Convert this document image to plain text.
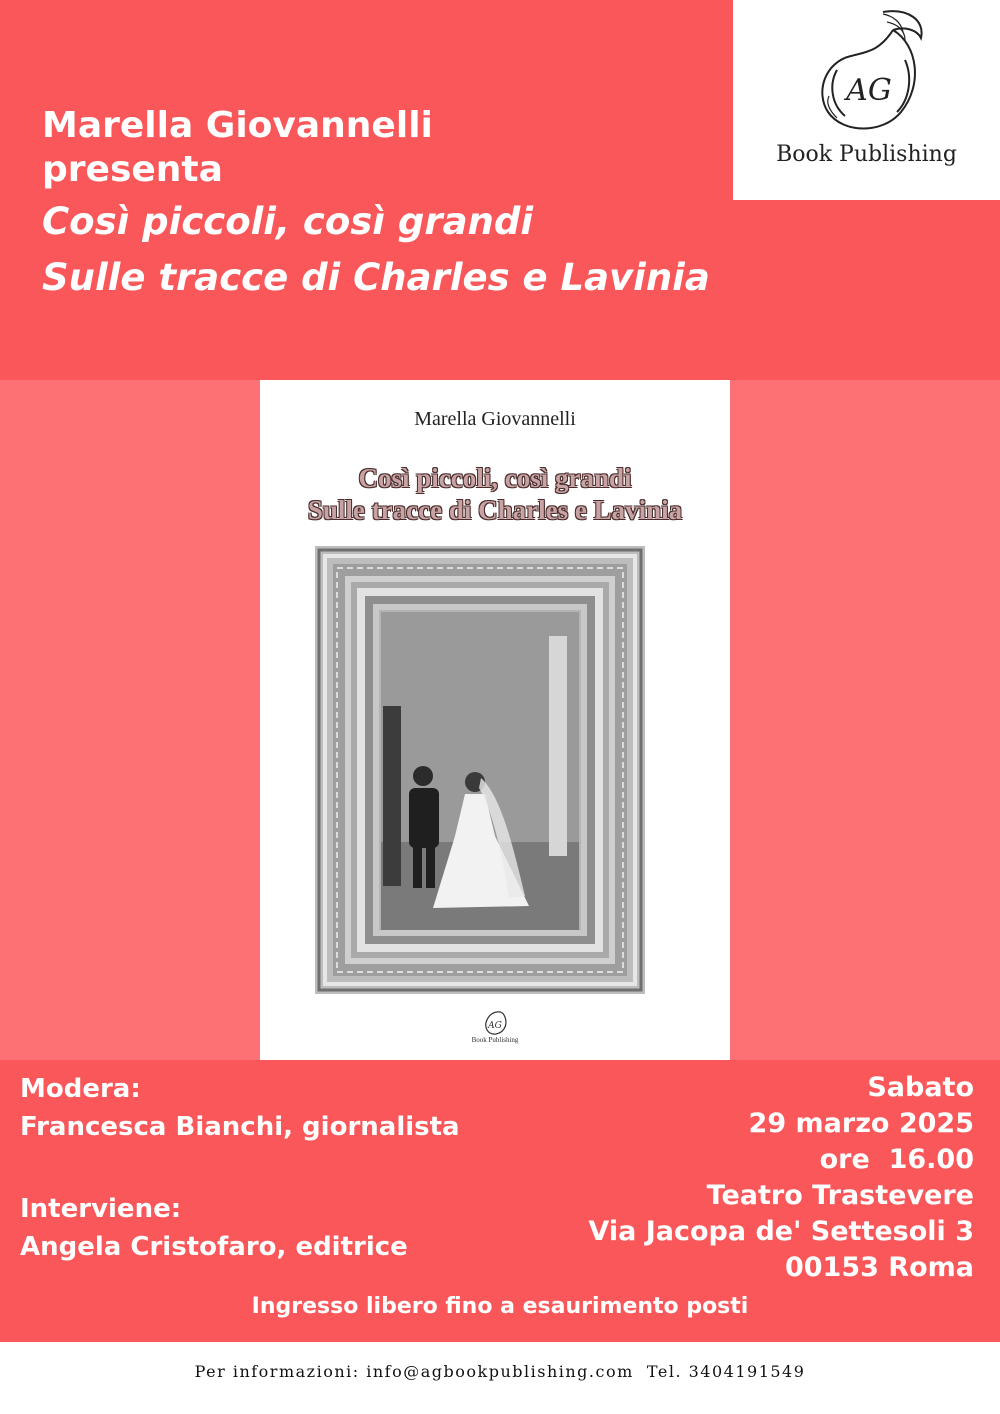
Marella Giovannelli
presenta
Così piccoli, così grandi
Sulle tracce di Charles e Lavinia
AG
Book Publishing
Marella Giovannelli
Così piccoli, così grandi
Sulle tracce di Charles e Lavinia
AG
Book Publishing
Modera:
Francesca Bianchi, giornalista
Interviene:
Angela Cristofaro, editrice
Sabato
29 marzo 2025
ore  16.00
Teatro Trastevere
Via Jacopa de' Settesoli 3
00153 Roma
Ingresso libero fino a esaurimento posti
Per informazioni: info@agbookpublishing.com  Tel. 3404191549
